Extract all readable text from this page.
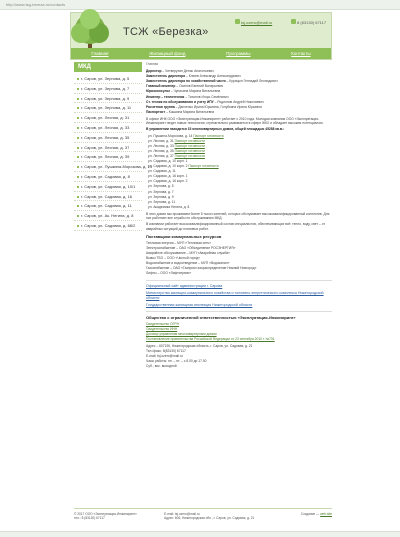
http://www.tsg-bereza.ru/contacts
ТСЖ «Березка»
tsj.ozero@mail.ru	8 (83130) 67117
Главная	Жилищный фонд	Программы	Контакты
МКД
г. Саров, ул. Зернова, д. 5
г. Саров, ул. Зернова, д. 7
г. Саров, ул. Зернова, д. 9
г. Саров, ул. Зернова, д. 11
г. Саров, ул. Лесная, д. 31
г. Саров, ул. Лесная, д. 33
г. Саров, ул. Лесная, д. 35
г. Саров, ул. Лесная, д. 37
г. Саров, ул. Лесная, д. 39
г. Саров, ул. Пушкина-Морозова, д. 14
г. Саров, ул. Садовая, д. 8
г. Саров, ул. Садовая, д. 10/1
г. Саров, ул. Садовая, д. 16
г. Саров, ул. Садовая, д. 11
г. Саров, ул. Ак. Негина, д. 8
г. Саров, ул. Садовая, д. 68/2
Главная
Директор – Четверухин Денис Анатольевич
Заместитель директора – Клюев Александр Александрович
Заместитель директора по хозяйственной части – Курицын Геннадий Леонидович
Главный инженер – Осипов Евгений Валерьевич
Юрисконсульт – Чупахина Марина Витальевна
Инженер – теплотехник – Тихонов Игорь Семёнович
Ст. техник по обслуживанию и учету ИПУ – Родионов Андрей Николаевич
Расчетная группа – Данченко Ирина Юрьевна, Голубкина Ирина Юрьевна
Паспортист – Кошкина Марина Витальевна
В офисе ИНК ООО «Эксплуатация-Инжиниринг» работает с 2010 года. Молодая компания ООО «Эксплуатация-Инжиниринг» ведет новые технологии, стремительно развивается в сфере ЖКХ и обладает высоким потенциалом.
В управлении находится 15 многоквартирных домов, общей площадью 45288 кв.м.:
ул. Пушкина-Морозова, д. 14 Паспорт готовности
ул. Лесная, д. 31 Паспорт готовности
ул. Лесная, д. 33 Паспорт готовности
ул. Лесная, д. 35 Паспорт готовности
ул. Лесная, д. 37 Паспорт готовности
ул. Садовая, д. 10 корп. 1
ул. Садовая, д. 10 корп. 2 Паспорт готовности
ул. Садовая, д. 11
ул. Садовая, д. 16 корп. 1
ул. Садовая, д. 16 корп. 2
ул. Зернова, д. 5
ул. Зернова, д. 7
ул. Зернова, д. 9
ул. Зернова, д. 11
ул. Академика Негина, д. 8
В этих домах мы проживаем более 5 тысяч жителей, которых обслуживает высококвалифицированный коллектив. Для них работают все службы по обслуживанию МКД.
В компании работает высококвалифицированный состав специалистов, обеспечивающих всё: тепло, воду, свет – от аварийных ситуаций до плановых работ.
Поставщики коммунальных ресурсов
Тепловая энергия – МУП «Тепловая сеть»
Электроснабжение – ОАО «Объединение РОСЭНЕРГИЯ»
Аварийное обслуживание – МУП «Аварийная служба»
Вывоз ТБО – ООО «Чистый город»
Водоснабжение и водоотведение – МУП «Водоканал»
Газоснабжение – ОАО «Газпром газораспределение Нижний Новгород»
Лифты – ООО «Лифтсервис»
Официальный сайт администрации г. Сарова
Министерство жилищно-коммунального хозяйства и топливно-энергетического комплекса Нижегородской области
Государственная жилищная инспекция Нижегородской области
Общество с ограниченной ответственностью «Эксплуатация-Инжиниринг»
Свидетельство ОГРН
Свидетельство ИНН
Договор управления многоквартирным домом
Постановление правительства Российской Федерации от 23 сентября 2010 г. №731
Адрес – 607190, Нижегородская область, г. Саров, ул. Садовая, д. 21
Тел./факс: 8(83130) 67117
E-mail: tsj.ozero@mail.ru
Часы работы: пн. – пт. – с 8.00 до 17.00
Суб., вос. выходной
© 2017 ООО «Эксплуатация-Инжиниринг»
тел.: 8 (83130) 67117
E-mail: tsj.ozero@mail.ru
Адрес: 606, Нижегородская обл., г. Саров, ул. Садовая, д. 21
Создание — web-site
